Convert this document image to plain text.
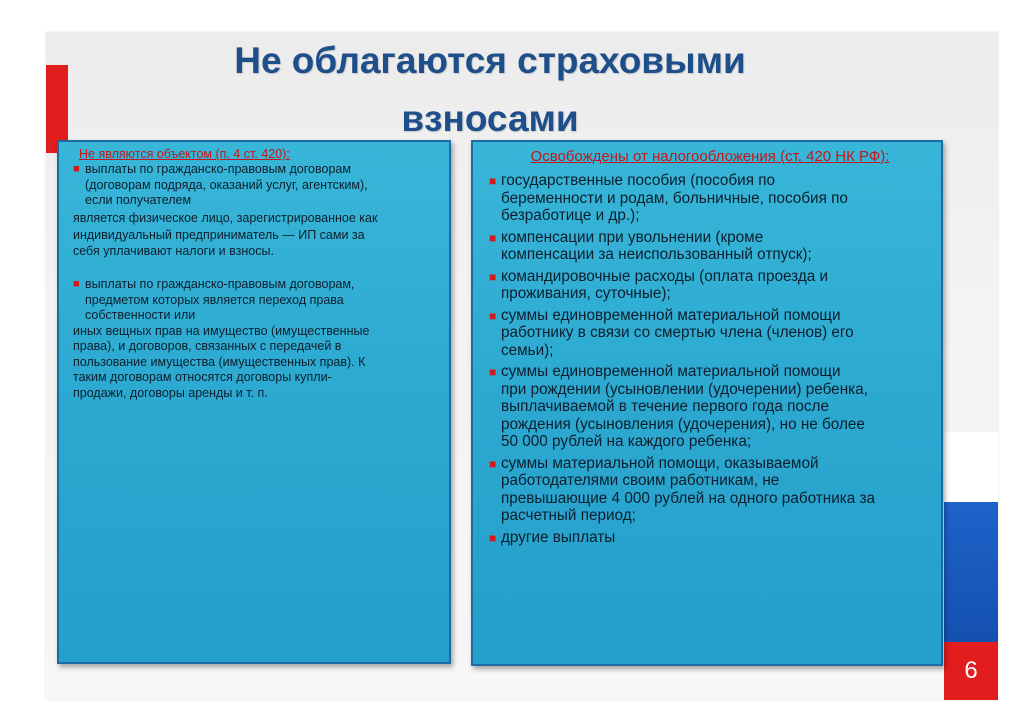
6
Не облагаются страховыми
взносами
Не являются объектом (п. 4 ст. 420):
■ выплаты по гражданско-правовым договорам
(договорам подряда, оказаний услуг, агентским),
если получателем
является физическое лицо, зарегистрированное как
индивидуальный предприниматель — ИП сами за
себя уплачивают налоги и взносы.
■ выплаты по гражданско-правовым договорам,
предметом которых является переход права
собственности или
иных вещных прав на имущество (имущественные
права), и договоров, связанных с передачей в
пользование имущества (имущественных прав). К
таким договорам относятся договоры купли-
продажи, договоры аренды и т. п.
Освобождены от налогообложения (ст. 420 НК РФ):
■ государственные пособия (пособия по
беременности и родам, больничные, пособия по
безработице и др.);
■ компенсации при увольнении (кроме
компенсации за неиспользованный отпуск);
■ командировочные расходы (оплата проезда и
проживания, суточные);
■ суммы единовременной материальной помощи
работнику в связи со смертью члена (членов) его
семьи);
■ суммы единовременной материальной помощи
при рождении (усыновлении (удочерении) ребенка,
выплачиваемой в течение первого года после
рождения (усыновления (удочерения), но не более
50 000 рублей на каждого ребенка;
■ суммы материальной помощи, оказываемой
работодателями своим работникам, не
превышающие 4 000 рублей на одного работника за
расчетный период;
■ другие выплаты
